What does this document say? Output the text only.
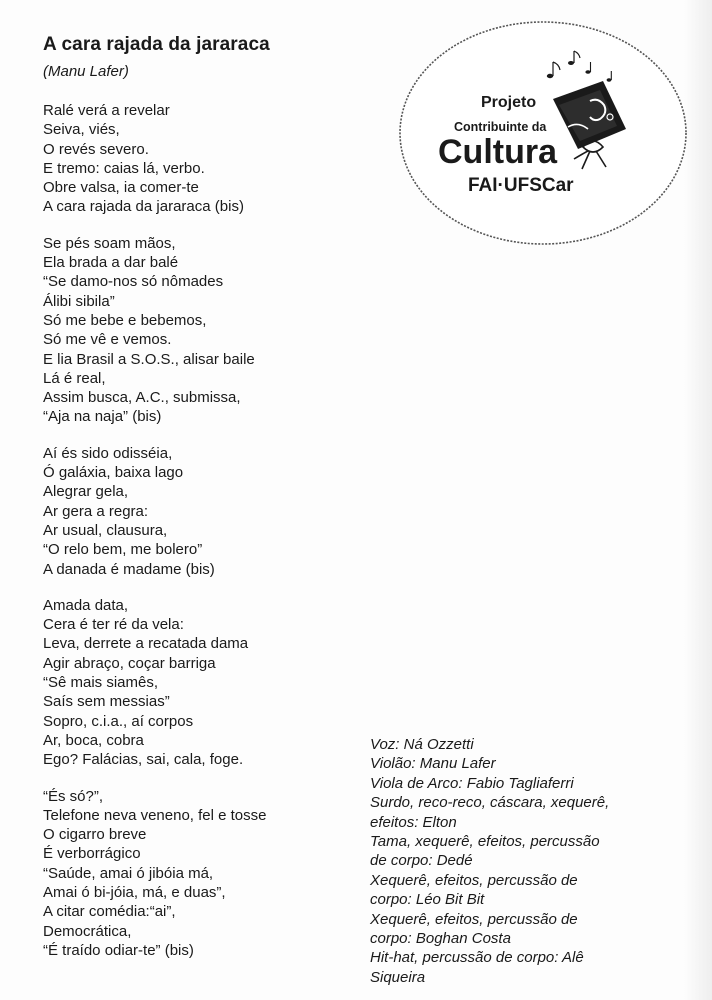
A cara rajada da jararaca
(Manu Lafer)
Ralé verá a revelar
Seiva, viés,
O revés severo.
E tremo: caias lá, verbo.
Obre valsa, ia comer-te
A cara rajada da jararaca (bis)
Se pés soam mãos,
Ela brada a dar balé
“Se damo-nos só nômades
Álibi sibila”
Só me bebe e bebemos,
Só me vê e vemos.
E lia Brasil a S.O.S., alisar baile
Lá é real,
Assim busca, A.C., submissa,
“Aja na naja” (bis)
Aí és sido odisséia,
Ó galáxia, baixa lago
Alegrar gela,
Ar gera a regra:
Ar usual, clausura,
“O relo bem, me bolero”
A danada é madame (bis)
Amada data,
Cera é ter ré da vela:
Leva, derrete a recatada dama
Agir abraço, coçar barriga
“Sê mais siamês,
Saís sem messias”
Sopro, c.i.a., aí corpos
Ar, boca, cobra
Ego? Falácias, sai, cala, foge.
“És só?”,
Telefone neva veneno, fel e tosse
O cigarro breve
É verborrágico
“Saúde, amai ó jibóia má,
Amai ó bi-jóia, má, e duas”,
A citar comédia:“ai”,
Democrática,
“É traído odiar-te” (bis)
Projeto
Contribuinte da
Cultura
FAI·UFSCar
Voz: Ná Ozzetti
Violão: Manu Lafer
Viola de Arco: Fabio Tagliaferri
Surdo, reco-reco, cáscara, xequerê, efeitos: Elton
Tama, xequerê, efeitos, percussão de corpo: Dedé
Xequerê, efeitos, percussão de corpo: Léo Bit Bit
Xequerê, efeitos, percussão de corpo: Boghan Costa
Hit-hat, percussão de corpo: Alê Siqueira
